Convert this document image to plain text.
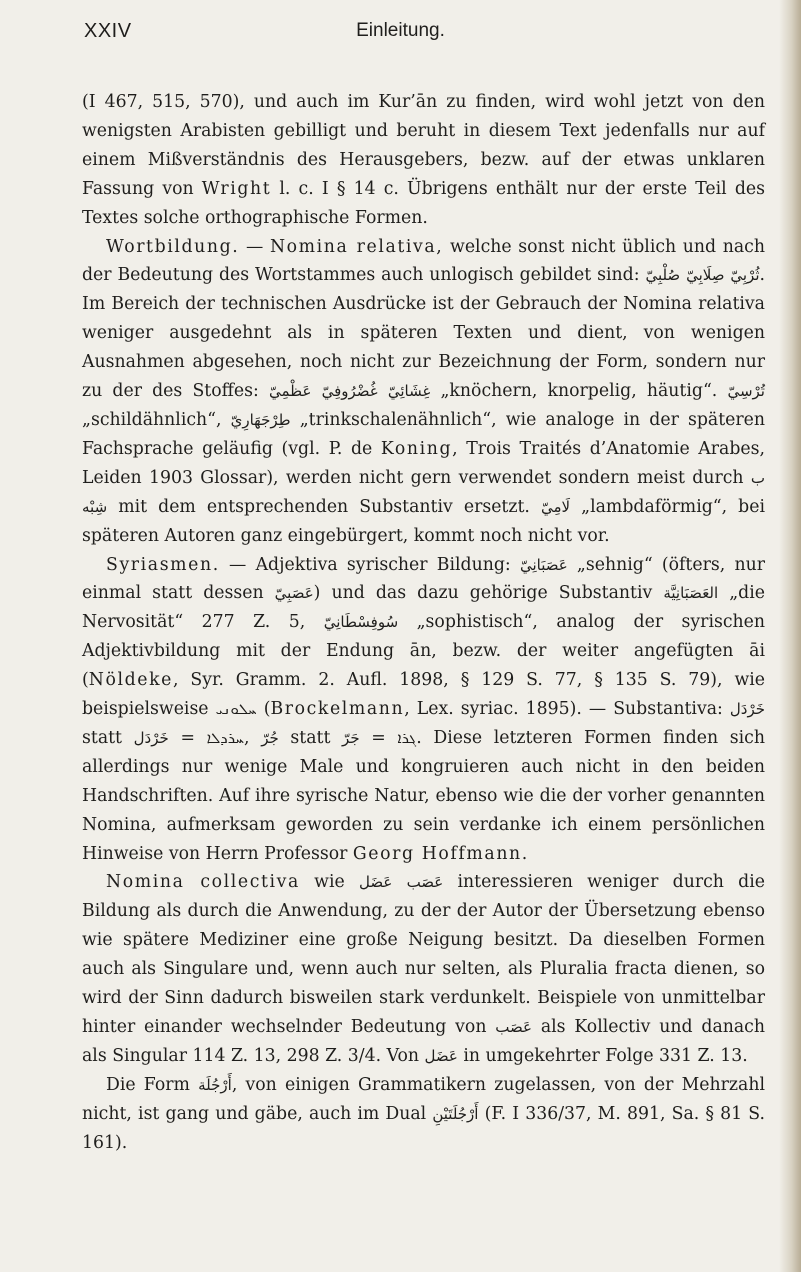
XXIV	Einleitung.

(I 467, 515, 570), und auch im Kur’ān zu finden, wird wohl jetzt von den wenigsten Arabisten gebilligt und beruht in diesem Text jedenfalls nur auf einem Mißverständnis des Herausgebers, bezw. auf der etwas unklaren Fassung von Wright l. c. I § 14 c. Übrigens enthält nur der erste Teil des Textes solche orthographische Formen.

Wortbildung. — Nomina relativa, welche sonst nicht üblich und nach der Bedeutung des Wortstammes auch unlogisch gebildet sind: صُلْبِيّ صِلَابِيّ ثُرْبِيّ. Im Bereich der technischen Ausdrücke ist der Gebrauch der Nomina relativa weniger ausgedehnt als in späteren Texten und dient, von wenigen Ausnahmen abgesehen, noch nicht zur Bezeichnung der Form, sondern nur zu der des Stoffes: عَظْمِيّ غُضْرُوفِيّ غِشَائِيّ „knöchern, knorpelig, häutig“. تُرْسِيّ „schildähnlich“, طِرْجَهَارِيّ „trinkschalenähnlich“, wie analoge in der späteren Fachsprache geläufig (vgl. P. de Koning, Trois Traités d’Anatomie Arabes, Leiden 1903 Glossar), werden nicht gern verwendet sondern meist durch ب شِبْه mit dem entsprechenden Substantiv ersetzt. لَامِيّ „lambdaförmig“, bei späteren Autoren ganz eingebürgert, kommt noch nicht vor.

Syriasmen. — Adjektiva syrischer Bildung: عَصَبَانِيّ „sehnig“ (öfters, nur einmal statt dessen عَصَبِيّ) und das dazu gehörige Substantiv العَصَبَانِيَّة „die Nervosität“ 277 Z. 5, سُوفِسْطَانِيّ „sophistisch“, analog der syrischen Adjektivbildung mit der Endung ān, bezw. der weiter angefügten āi (Nöldeke, Syr. Gramm. 2. Aufl. 1898, § 129 S. 77, § 135 S. 79), wie beispielsweise ܚܠܘܢܝ (Brockelmann, Lex. syriac. 1895). — Substantiva: خَرْدَل statt خَرْدَل = ܚܪܕܠܐ, جُرّ statt جَرّ = ܓܪܐ. Diese letzteren Formen finden sich allerdings nur wenige Male und kongruieren auch nicht in den beiden Handschriften. Auf ihre syrische Natur, ebenso wie die der vorher genannten Nomina, aufmerksam geworden zu sein verdanke ich einem persönlichen Hinweise von Herrn Professor Georg Hoffmann.

Nomina collectiva wie عَضَل عَصَب interessieren weniger durch die Bildung als durch die Anwendung, zu der der Autor der Übersetzung ebenso wie spätere Mediziner eine große Neigung besitzt. Da dieselben Formen auch als Singulare und, wenn auch nur selten, als Pluralia fracta dienen, so wird der Sinn dadurch bisweilen stark verdunkelt. Beispiele von unmittelbar hinter einander wechselnder Bedeutung von عَصَب als Kollectiv und danach als Singular 114 Z. 13, 298 Z. 3/4. Von عَضَل in umgekehrter Folge 331 Z. 13.

Die Form أَرْجُلَة, von einigen Grammatikern zugelassen, von der Mehrzahl nicht, ist gang und gäbe, auch im Dual أَرْجُلَتَيْنِ (F. I 336/37, M. 891, Sa. § 81 S. 161).
